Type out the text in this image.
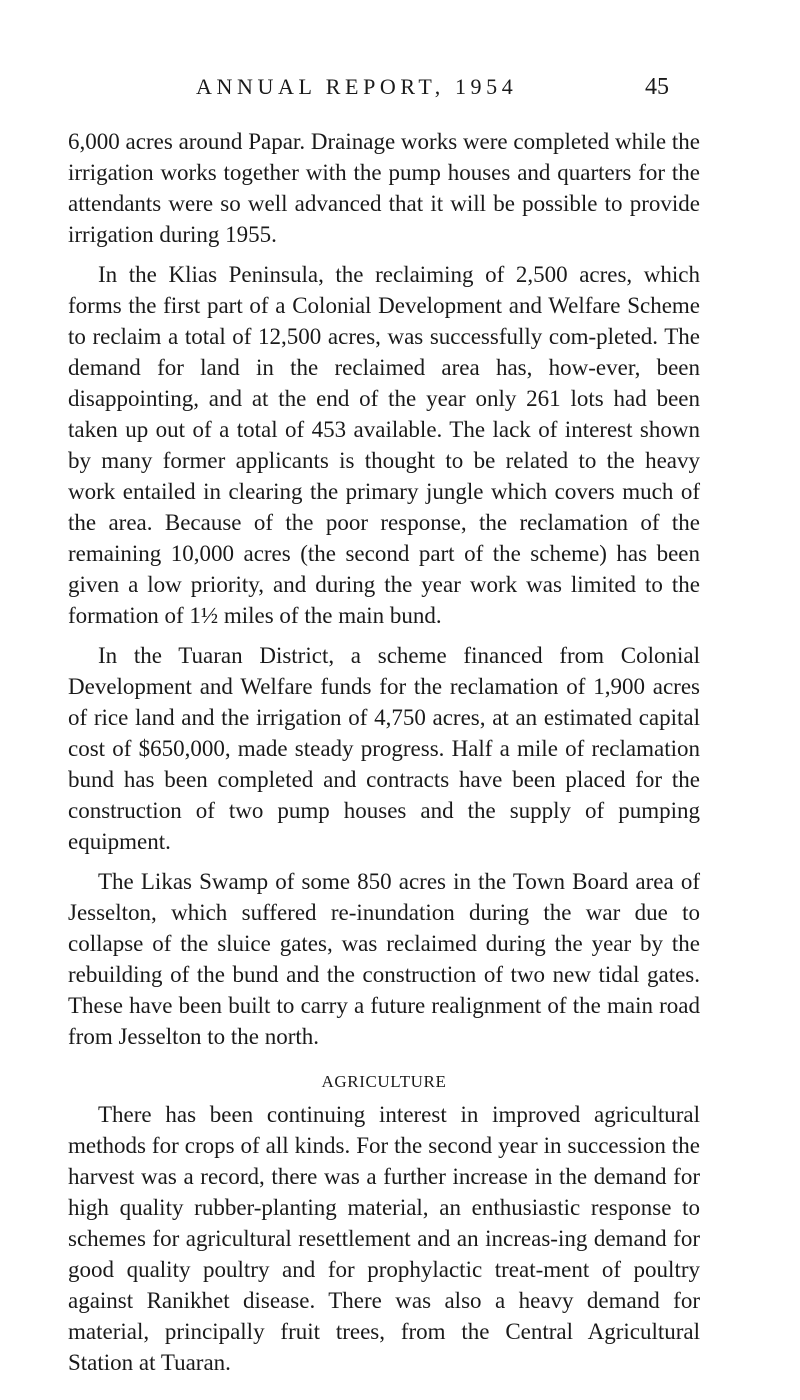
ANNUAL REPORT, 1954	45

6,000 acres around Papar. Drainage works were completed while the irrigation works together with the pump houses and quarters for the attendants were so well advanced that it will be possible to provide irrigation during 1955.

In the Klias Peninsula, the reclaiming of 2,500 acres, which forms the first part of a Colonial Development and Welfare Scheme to reclaim a total of 12,500 acres, was successfully com-pleted. The demand for land in the reclaimed area has, how-ever, been disappointing, and at the end of the year only 261 lots had been taken up out of a total of 453 available. The lack of interest shown by many former applicants is thought to be related to the heavy work entailed in clearing the primary jungle which covers much of the area. Because of the poor response, the reclamation of the remaining 10,000 acres (the second part of the scheme) has been given a low priority, and during the year work was limited to the formation of 1½ miles of the main bund.

In the Tuaran District, a scheme financed from Colonial Development and Welfare funds for the reclamation of 1,900 acres of rice land and the irrigation of 4,750 acres, at an estimated capital cost of $650,000, made steady progress. Half a mile of reclamation bund has been completed and contracts have been placed for the construction of two pump houses and the supply of pumping equipment.

The Likas Swamp of some 850 acres in the Town Board area of Jesselton, which suffered re-inundation during the war due to collapse of the sluice gates, was reclaimed during the year by the rebuilding of the bund and the construction of two new tidal gates. These have been built to carry a future realignment of the main road from Jesselton to the north.

AGRICULTURE

There has been continuing interest in improved agricultural methods for crops of all kinds. For the second year in succession the harvest was a record, there was a further increase in the demand for high quality rubber-planting material, an enthusiastic response to schemes for agricultural resettlement and an increas-ing demand for good quality poultry and for prophylactic treat-ment of poultry against Ranikhet disease. There was also a heavy demand for material, principally fruit trees, from the Central Agricultural Station at Tuaran.
